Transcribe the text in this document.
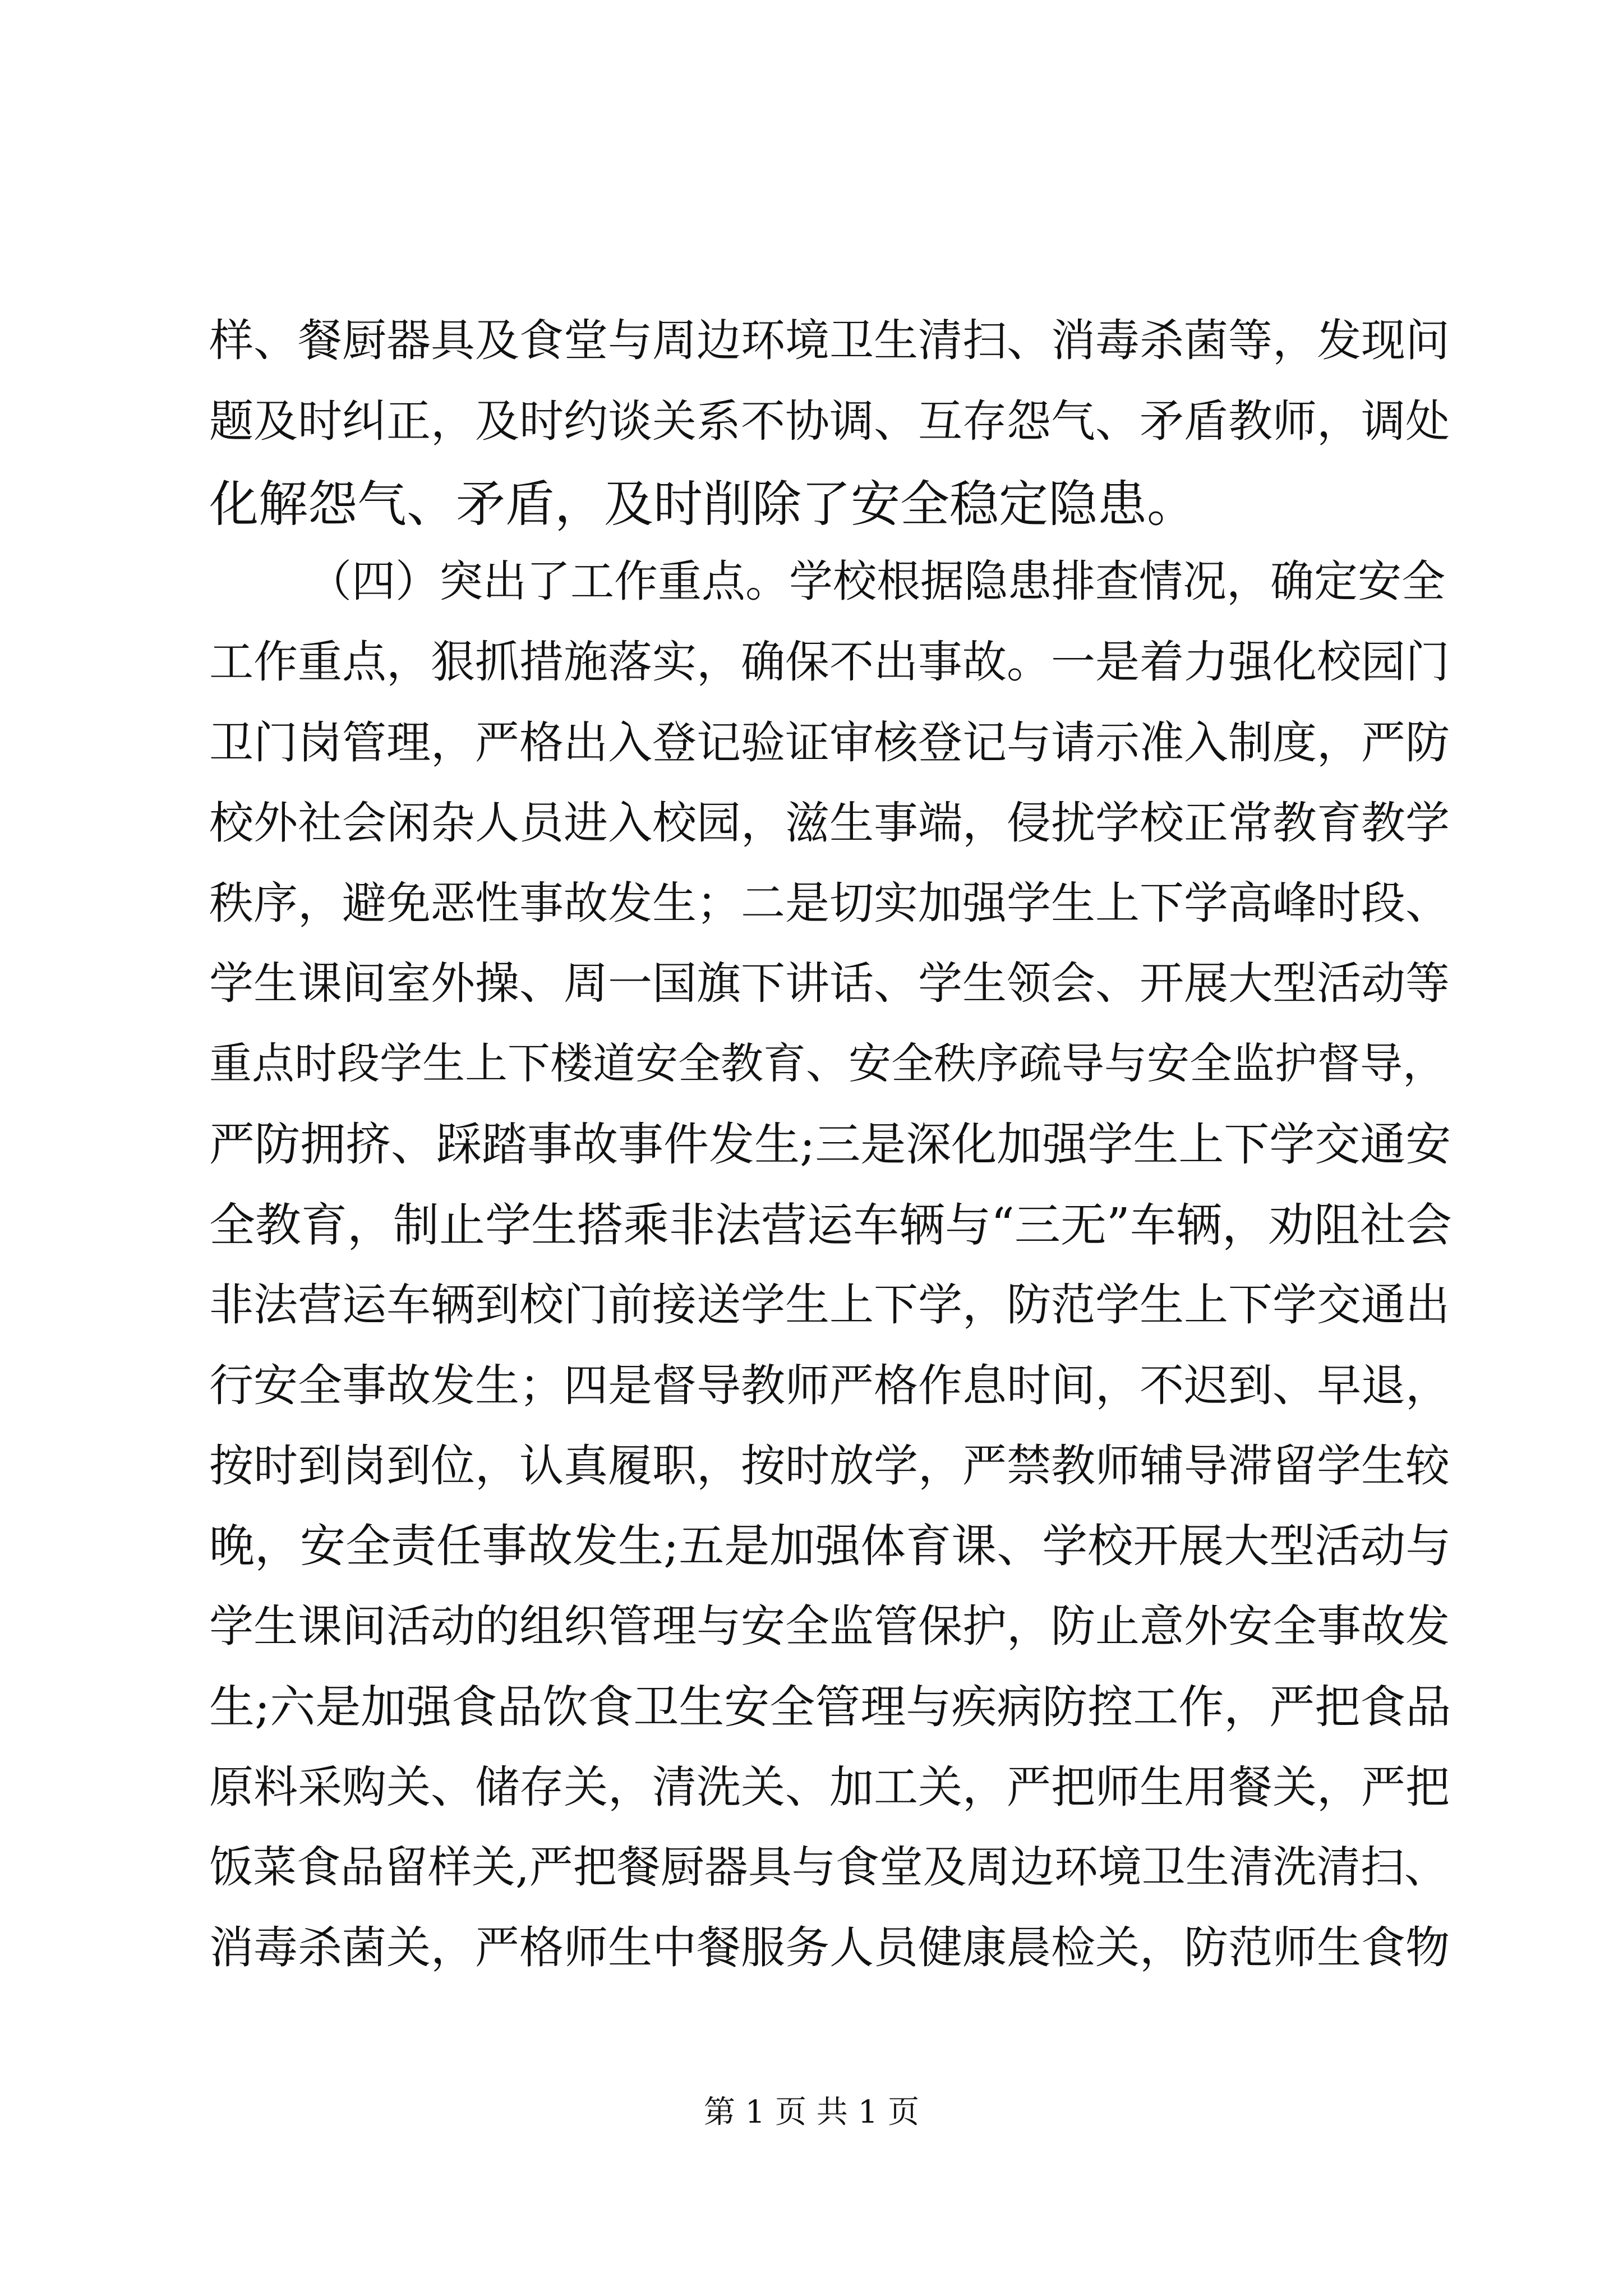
样、餐厨器具及食堂与周边环境卫生清扫、消毒杀菌等，发现问
题及时纠正，及时约谈关系不协调、互存怨气、矛盾教师，调处
化解怨气、矛盾，及时削除了安全稳定隐患。
（四）突出了工作重点。学校根据隐患排查情况，确定安全
工作重点，狠抓措施落实，确保不出事故。一是着力强化校园门
卫门岗管理，严格出入登记验证审核登记与请示准入制度，严防
校外社会闲杂人员进入校园，滋生事端，侵扰学校正常教育教学
秩序，避免恶性事故发生；二是切实加强学生上下学高峰时段、
学生课间室外操、周一国旗下讲话、学生领会、开展大型活动等
重点时段学生上下楼道安全教育、安全秩序疏导与安全监护督导，
严防拥挤、踩踏事故事件发生;三是深化加强学生上下学交通安
全教育，制止学生搭乘非法营运车辆与“三无”车辆，劝阻社会
非法营运车辆到校门前接送学生上下学，防范学生上下学交通出
行安全事故发生；四是督导教师严格作息时间，不迟到、早退，
按时到岗到位，认真履职，按时放学，严禁教师辅导滞留学生较
晚，安全责任事故发生;五是加强体育课、学校开展大型活动与
学生课间活动的组织管理与安全监管保护，防止意外安全事故发
生;六是加强食品饮食卫生安全管理与疾病防控工作，严把食品
原料采购关、储存关，清洗关、加工关，严把师生用餐关，严把
饭菜食品留样关,严把餐厨器具与食堂及周边环境卫生清洗清扫、
消毒杀菌关，严格师生中餐服务人员健康晨检关，防范师生食物
第 1 页 共 1 页
